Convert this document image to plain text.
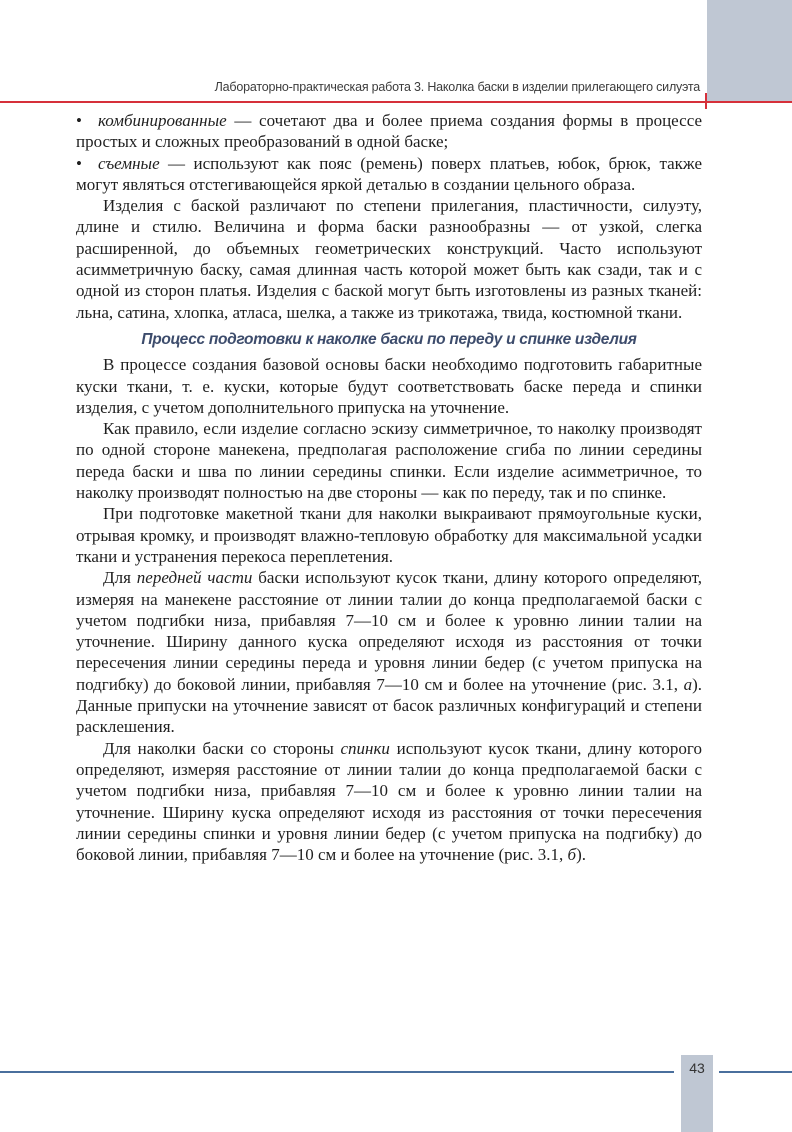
Лабораторно-практическая работа 3. Наколка баски в изделии прилегающего силуэта

• комбинированные — сочетают два и более приема создания формы в процессе простых и сложных преобразований в одной баске;

• съемные — используют как пояс (ремень) поверх платьев, юбок, брюк, также могут являться отстегивающейся яркой деталью в создании цельного образа.

Изделия с баской различают по степени прилегания, пластичности, силуэту, длине и стилю. Величина и форма баски разнообразны — от узкой, слегка расширенной, до объемных геометрических конструкций. Часто используют асимметричную баску, самая длинная часть которой может быть как сзади, так и с одной из сторон платья. Изделия с баской могут быть изготовлены из разных тканей: льна, сатина, хлопка, атласа, шелка, а также из трикотажа, твида, костюмной ткани.

Процесс подготовки к наколке баски по переду и спинке изделия

В процессе создания базовой основы баски необходимо подготовить габаритные куски ткани, т. е. куски, которые будут соответствовать баске переда и спинки изделия, с учетом дополнительного припуска на уточнение.

Как правило, если изделие согласно эскизу симметричное, то наколку производят по одной стороне манекена, предполагая расположение сгиба по линии середины переда баски и шва по линии середины спинки. Если изделие асимметричное, то наколку производят полностью на две стороны — как по переду, так и по спинке.

При подготовке макетной ткани для наколки выкраивают прямоугольные куски, отрывая кромку, и производят влажно-тепловую обработку для максимальной усадки ткани и устранения перекоса переплетения.

Для передней части баски используют кусок ткани, длину которого определяют, измеряя на манекене расстояние от линии талии до конца предполагаемой баски с учетом подгибки низа, прибавляя 7—10 см и более к уровню линии талии на уточнение. Ширину данного куска определяют исходя из расстояния от точки пересечения линии середины переда и уровня линии бедер (с учетом припуска на подгибку) до боковой линии, прибавляя 7—10 см и более на уточнение (рис. 3.1, а). Данные припуски на уточнение зависят от басок различных конфигураций и степени расклешения.

Для наколки баски со стороны спинки используют кусок ткани, длину которого определяют, измеряя расстояние от линии талии до конца предполагаемой баски с учетом подгибки низа, прибавляя 7—10 см и более к уровню линии талии на уточнение. Ширину куска определяют исходя из расстояния от точки пересечения линии середины спинки и уровня линии бедер (с учетом припуска на подгибку) до боковой линии, прибавляя 7—10 см и более на уточнение (рис. 3.1, б).

43
